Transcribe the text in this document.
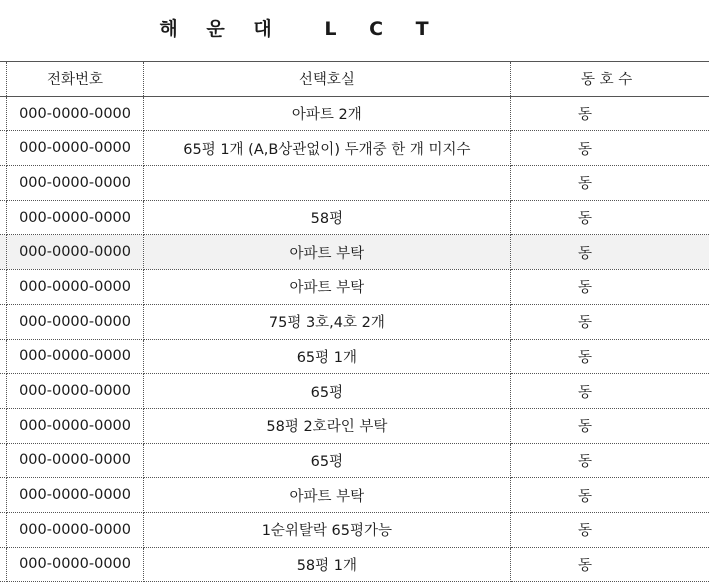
해 운 대	L C T
	전화번호	선택호실	동 호 수
	000-0000-0000	아파트 2개	동
	000-0000-0000	65평 1개 (A,B상관없이) 두개중 한 개 미지수	동
	000-0000-0000		동
	000-0000-0000	58평	동
	000-0000-0000	아파트 부탁	동
	000-0000-0000	아파트 부탁	동
	000-0000-0000	75평 3호,4호 2개	동
	000-0000-0000	65평 1개	동
	000-0000-0000	65평	동
	000-0000-0000	58평 2호라인 부탁	동
	000-0000-0000	65평	동
	000-0000-0000	아파트 부탁	동
	000-0000-0000	1순위탈락 65평가능	동
	000-0000-0000	58평 1개	동
